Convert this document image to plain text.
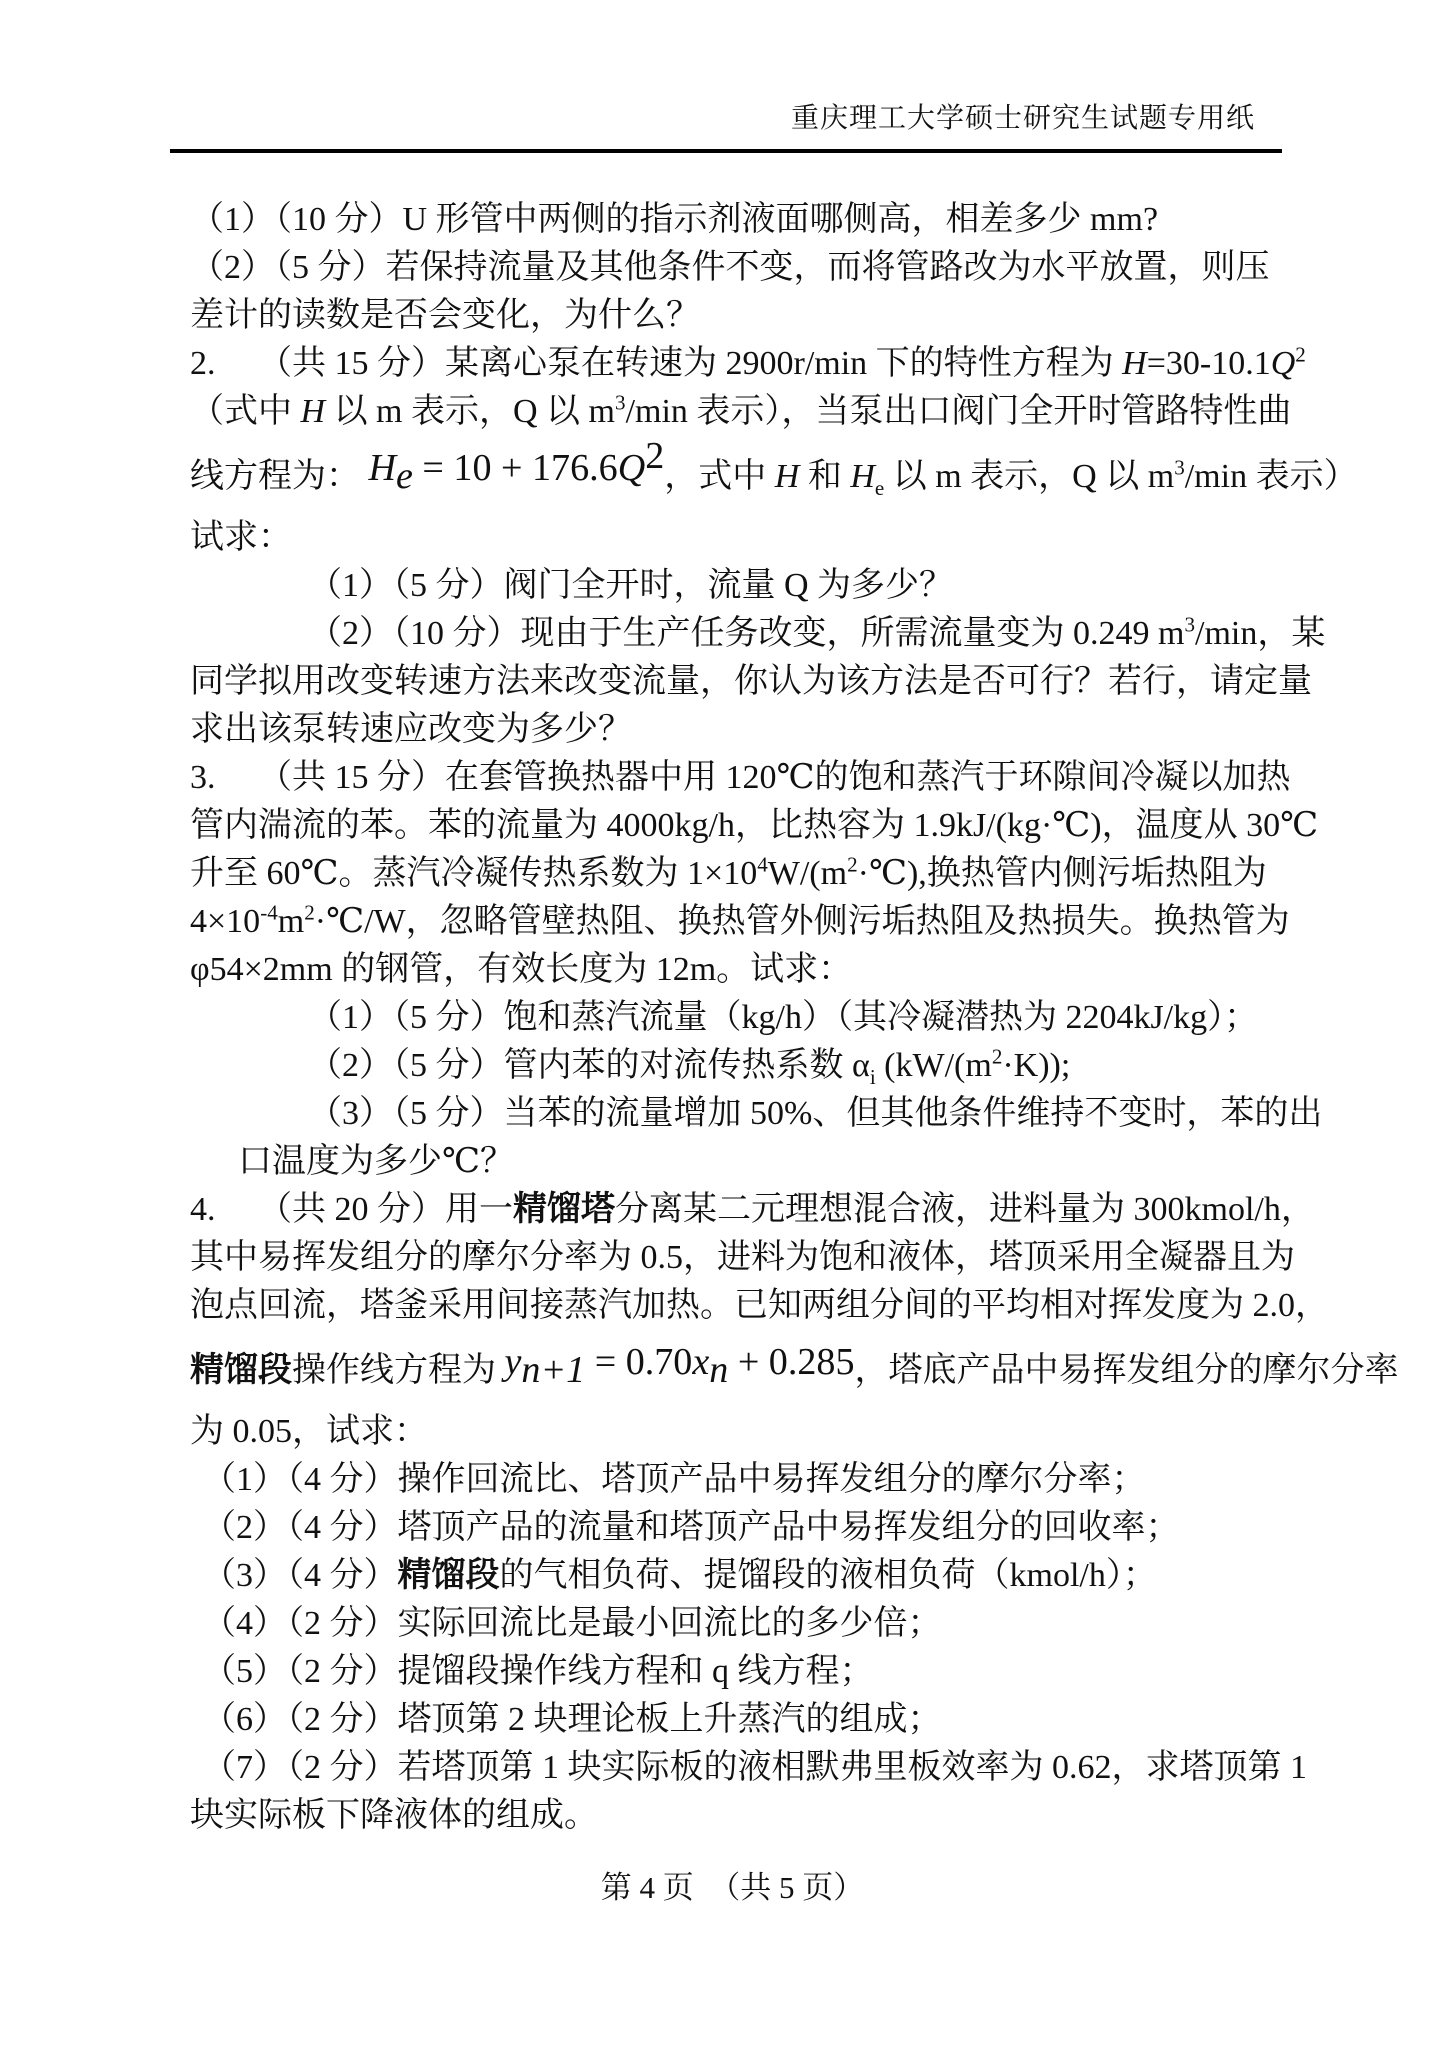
重庆理工大学硕士研究生试题专用纸
（1）（10 分）U 形管中两侧的指示剂液面哪侧高，相差多少 mm?
（2）（5 分）若保持流量及其他条件不变，而将管路改为水平放置，则压
差计的读数是否会变化，为什么？
2.     （共 15 分）某离心泵在转速为 2900r/min 下的特性方程为 $H=30-10.1Q^2$
（式中 H 以 m 表示，Q 以 $m^3/\min$ 表示），当泵出口阀门全开时管路特性曲
线方程为： $H_e = 10 + 176.6Q^2$，式中 H 和 $H_e$ 以 m 表示，Q 以 $m^3/\min$ 表示）
试求：
（1）（5 分）阀门全开时，流量 Q 为多少？
（2）（10 分）现由于生产任务改变，所需流量变为 0.249 $m^3/\min$，某
同学拟用改变转速方法来改变流量，你认为该方法是否可行？若行，请定量
求出该泵转速应改变为多少？
3.     （共 15 分）在套管换热器中用 120℃的饱和蒸汽于环隙间冷凝以加热
管内湍流的苯。苯的流量为 4000kg/h，比热容为 1.9kJ/(kg·℃)，温度从 30℃
升至 60℃。蒸汽冷凝传热系数为 $1\times 10^4W/(m^2\cdot℃)$,换热管内侧污垢热阻为
$4\times 10^{-4}m^2\cdot℃/W$，忽略管壁热阻、换热管外侧污垢热阻及热损失。换热管为
φ54×2mm 的钢管，有效长度为 12m。试求：
（1）（5 分）饱和蒸汽流量（kg/h）（其冷凝潜热为 2204kJ/kg）；
（2）（5 分）管内苯的对流传热系数 $\alpha_i$ $(kW/(m^2\cdot K))$;
（3）（5 分）当苯的流量增加 50%、但其他条件维持不变时，苯的出
口温度为多少℃？
4.     （共 20 分）用一精馏塔分离某二元理想混合液，进料量为 300kmol/h，
其中易挥发组分的摩尔分率为 0.5，进料为饱和液体，塔顶采用全凝器且为
泡点回流，塔釜采用间接蒸汽加热。已知两组分间的平均相对挥发度为 2.0，
精馏段操作线方程为 $y_{n+1} = 0.70x_n + 0.285$，塔底产品中易挥发组分的摩尔分率
为 0.05，试求：
（1）（4 分）操作回流比、塔顶产品中易挥发组分的摩尔分率；
（2）（4 分）塔顶产品的流量和塔顶产品中易挥发组分的回收率；
（3）（4 分）精馏段的气相负荷、提馏段的液相负荷（kmol/h）；
（4）（2 分）实际回流比是最小回流比的多少倍；
（5）（2 分）提馏段操作线方程和 q 线方程；
（6）（2 分）塔顶第 2 块理论板上升蒸汽的组成；
（7）（2 分）若塔顶第 1 块实际板的液相默弗里板效率为 0.62，求塔顶第 1
块实际板下降液体的组成。
第 4 页  （共 5 页）
